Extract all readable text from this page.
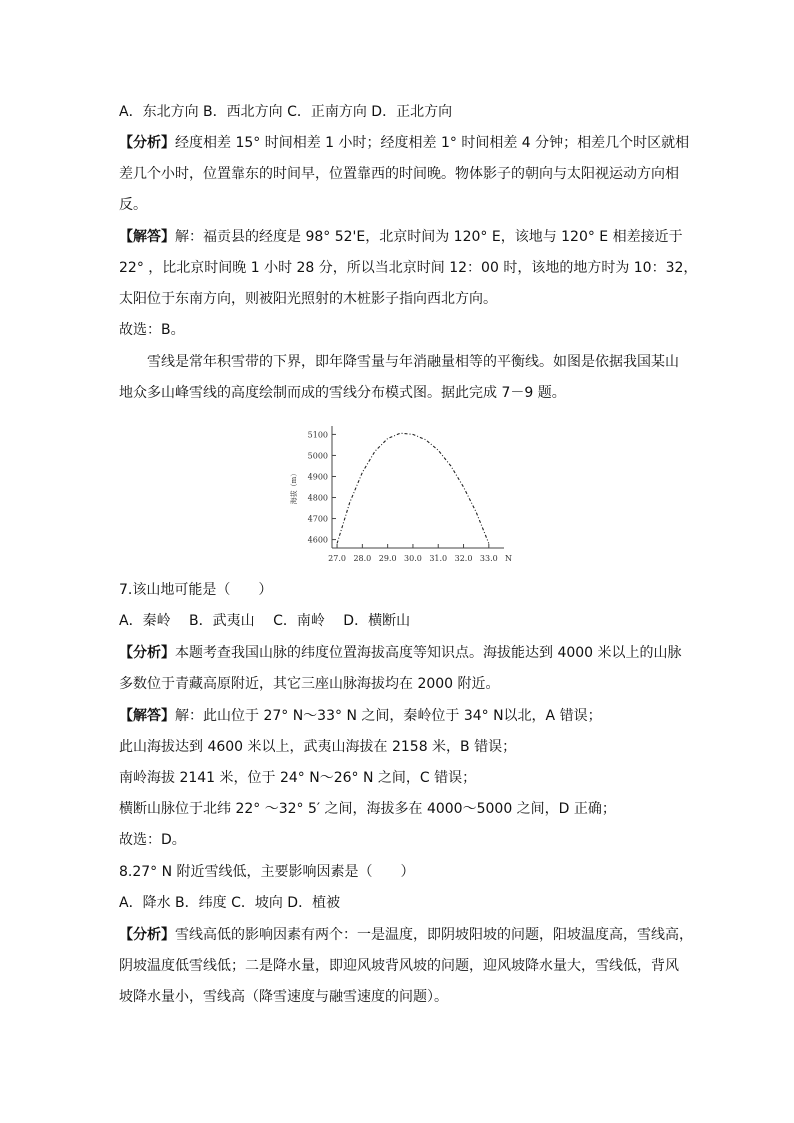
A．东北方向 B．西北方向 C．正南方向 D．正北方向
【分析】经度相差 15° 时间相差 1 小时；经度相差 1° 时间相差 4 分钟；相差几个时区就相
差几个小时，位置靠东的时间早，位置靠西的时间晚。物体影子的朝向与太阳视运动方向相
反。
【解答】解：福贡县的经度是 98° 52'E，北京时间为 120° E，该地与 120° E 相差接近于
22° ，比北京时间晚 1 小时 28 分，所以当北京时间 12：00 时，该地的地方时为 10：32，
太阳位于东南方向，则被阳光照射的木桩影子指向西北方向。
故选：B。
雪线是常年积雪带的下界，即年降雪量与年消融量相等的平衡线。如图是依据我国某山
地众多山峰雪线的高度绘制而成的雪线分布模式图。据此完成 7－9 题。
4600
4700
4800
4900
5000
5100
27.0 28.0 29.0 30.0 31.0 32.0 33.0 N
海拔（m）
7.该山地可能是（　　）
A．秦岭　 B．武夷山　 C．南岭　 D．横断山
【分析】本题考查我国山脉的纬度位置海拔高度等知识点。海拔能达到 4000 米以上的山脉
多数位于青藏高原附近，其它三座山脉海拔均在 2000 附近。
【解答】解：此山位于 27° N～33° N 之间，秦岭位于 34° N以北，A 错误；
此山海拔达到 4600 米以上，武夷山海拔在 2158 米，B 错误；
南岭海拔 2141 米，位于 24° N～26° N 之间，C 错误；
横断山脉位于北纬 22° ～32° 5′ 之间，海拔多在 4000～5000 之间，D 正确；
故选：D。
8.27° N 附近雪线低，主要影响因素是（　　）
A．降水 B．纬度 C．坡向 D．植被
【分析】雪线高低的影响因素有两个：一是温度，即阴坡阳坡的问题，阳坡温度高，雪线高，
阴坡温度低雪线低；二是降水量，即迎风坡背风坡的问题，迎风坡降水量大，雪线低，背风
坡降水量小，雪线高（降雪速度与融雪速度的问题）。
